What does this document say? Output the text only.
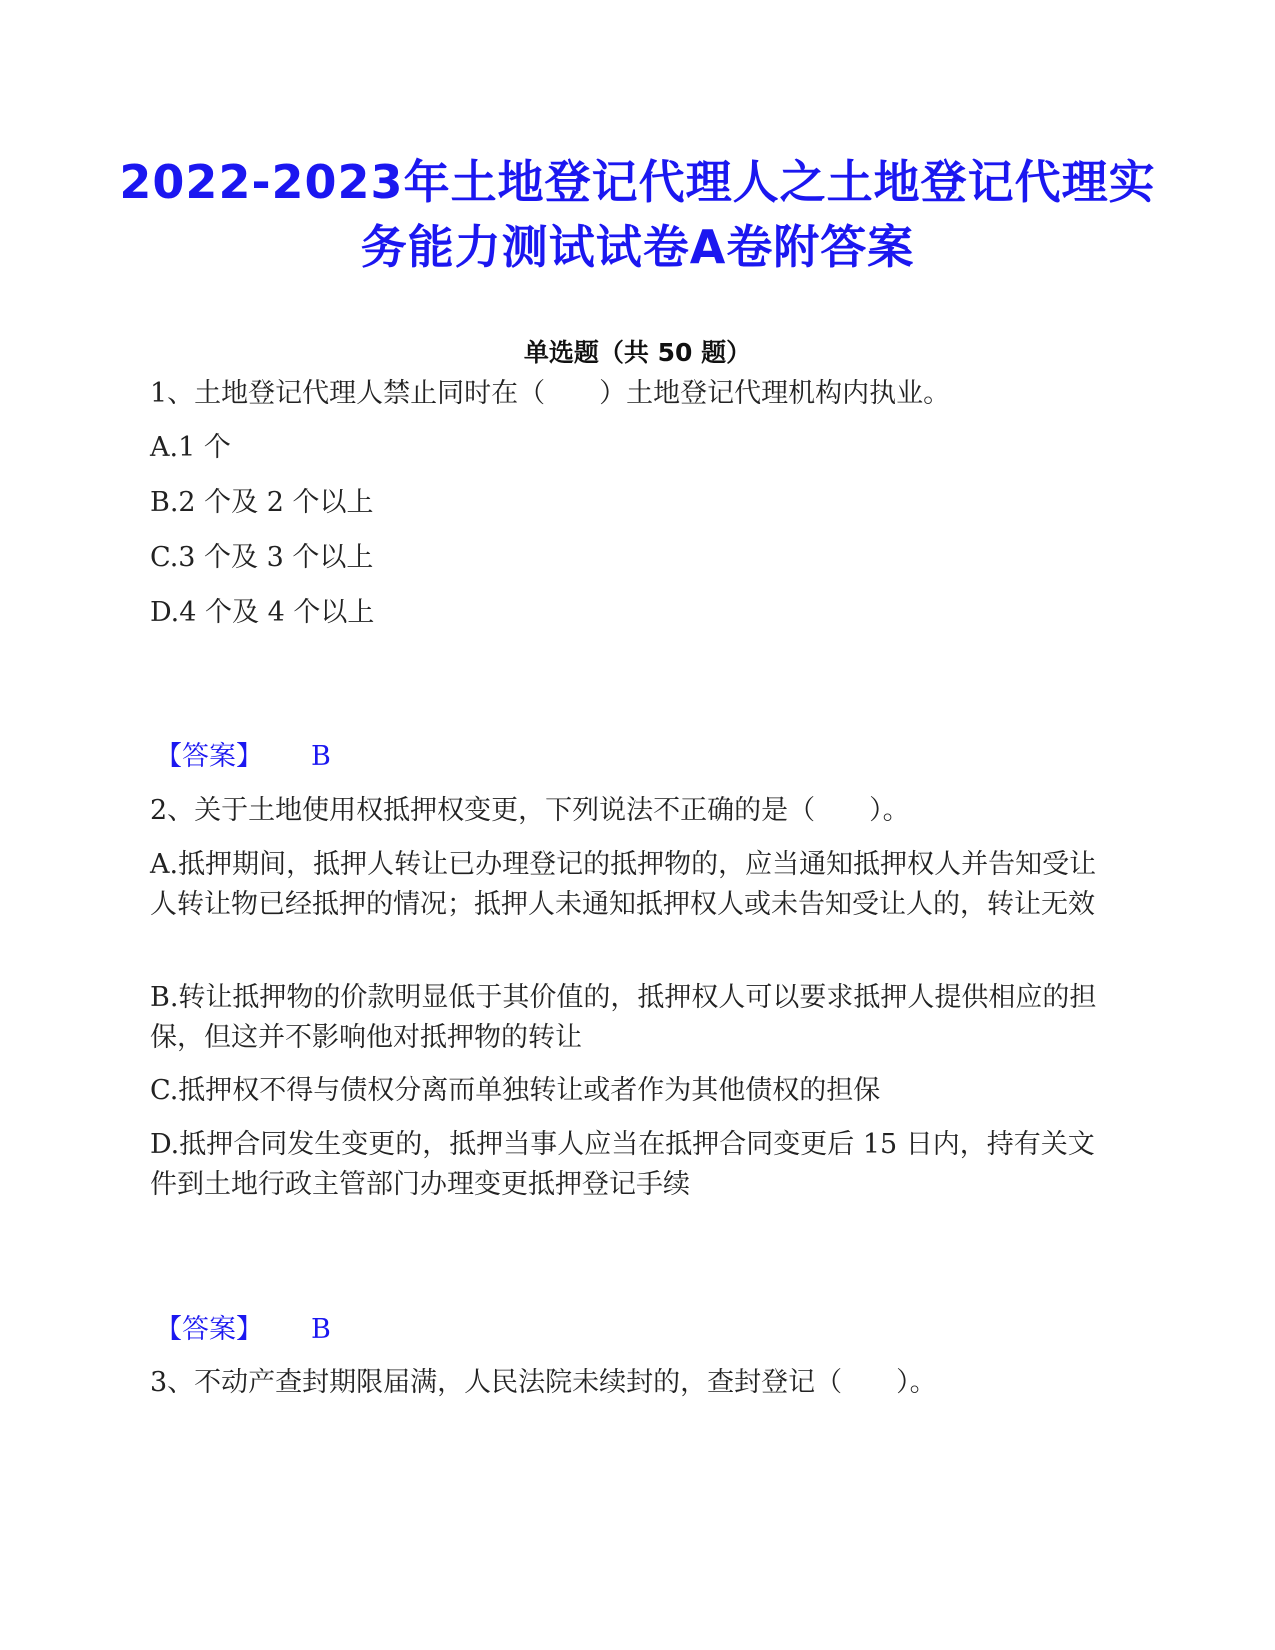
2022-2023年土地登记代理人之土地登记代理实务能力测试试卷A卷附答案
单选题（共 50 题）
1、土地登记代理人禁止同时在（　　）土地登记代理机构内执业。
A.1 个
B.2 个及 2 个以上
C.3 个及 3 个以上
D.4 个及 4 个以上
【答案】 B
2、关于土地使用权抵押权变更，下列说法不正确的是（　　）。
A.抵押期间，抵押人转让已办理登记的抵押物的，应当通知抵押权人并告知受让人转让物已经抵押的情况；抵押人未通知抵押权人或未告知受让人的，转让无效
B.转让抵押物的价款明显低于其价值的，抵押权人可以要求抵押人提供相应的担保，但这并不影响他对抵押物的转让
C.抵押权不得与债权分离而单独转让或者作为其他债权的担保
D.抵押合同发生变更的，抵押当事人应当在抵押合同变更后 15 日内，持有关文件到土地行政主管部门办理变更抵押登记手续
【答案】 B
3、不动产查封期限届满，人民法院未续封的，查封登记（　　）。
